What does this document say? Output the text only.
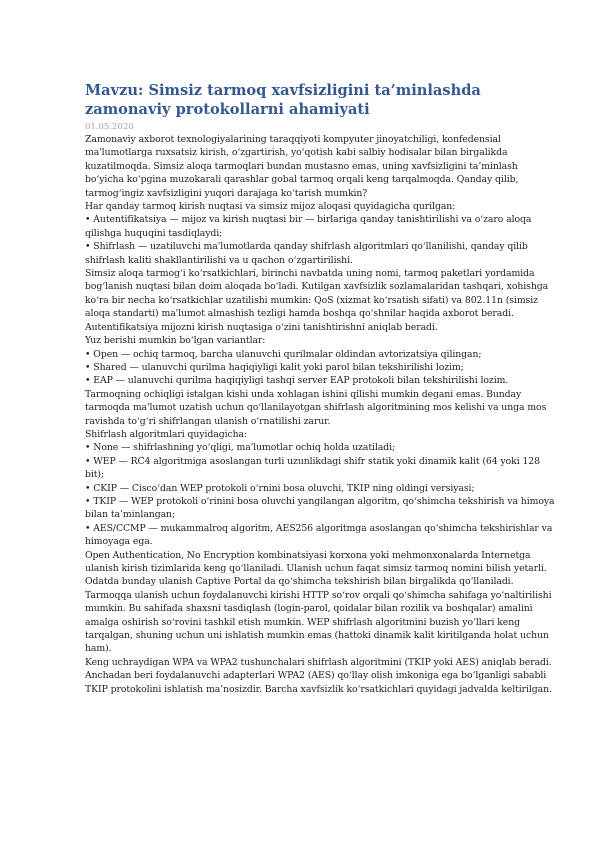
Mavzu: Simsiz tarmoq xavfsizligini ta’minlashda zamonaviy protokollarni ahamiyati
01.05.2020

Zamonaviy axborot texnologiyalarining taraqqiyoti kompyuter jinoyatchiligi, konfedensial ma'lumotlarga ruxsatsiz kirish, o‘zgartirish, yo‘qotish kabi salbiy hodisalar bilan birgalikda kuzatilmoqda. Simsiz aloqa tarmoqlari bundan mustasno emas, uning xavfsizligini ta’minlash bo‘yicha ko‘pgina muzokarali qarashlar gobal tarmoq orqali keng tarqalmoqda. Qanday qilib, tarmog‘ingiz xavfsizligini yuqori darajaga ko‘tarish mumkin?

Har qanday tarmoq kirish nuqtasi va simsiz mijoz aloqasi quyidagicha qurilgan:

• Autentifikatsiya — mijoz va kirish nuqtasi bir — birlariga qanday tanishtirilishi va o‘zaro aloqa qilishga huquqini tasdiqlaydi;

• Shifrlash — uzatiluvchi ma'lumotlarda qanday shifrlash algoritmlari qo‘llanilishi, qanday qilib shifrlash kaliti shakllantirilishi va u qachon o‘zgartirilishi.

Simsiz aloqa tarmog‘i ko‘rsatkichlari, birinchi navbatda uning nomi, tarmoq paketlari yordamida bog‘lanish nuqtasi bilan doim aloqada bo‘ladi. Kutilgan xavfsizlik sozlamalaridan tashqari, xohishga ko‘ra bir necha ko‘rsatkichlar uzatilishi mumkin: QoS (xizmat ko‘rsatish sifati) va 802.11n (simsiz aloqa standarti) ma'lumot almashish tezligi hamda boshqa qo‘shnilar haqida axborot beradi. Autentifikatsiya mijozni kirish nuqtasiga o‘zini tanishtirishni aniqlab beradi.

Yuz berishi mumkin bo‘lgan variantlar:

• Open — ochiq tarmoq, barcha ulanuvchi qurilmalar oldindan avtorizatsiya qilingan;

• Shared — ulanuvchi qurilma haqiqiyligi kalit yoki parol bilan tekshirilishi lozim;

• EAP — ulanuvchi qurilma haqiqiyligi tashqi server EAP protokoli bilan tekshirilishi lozim.

Tarmoqning ochiqligi istalgan kishi unda xohlagan ishini qilishi mumkin degani emas. Bunday tarmoqda ma'lumot uzatish uchun qo‘llanilayotgan shifrlash algoritmining mos kelishi va unga mos ravishda to‘g‘ri shifrlangan ulanish o‘rnatilishi zarur.

Shifrlash algoritmlari quyidagicha:

• None — shifrlashning yo‘qligi, ma'lumotlar ochiq holda uzatiladi;

• WEP — RC4 algoritmiga asoslangan turli uzunlikdagi shifr statik yoki dinamik kalit (64 yoki 128 bit);

• CKIP — Cisco‘dan WEP protokoli o‘rnini bosa oluvchi, TKIP ning oldingi versiyasi;

• TKIP — WEP protokoli o‘rinini bosa oluvchi yangilangan algoritm, qo‘shimcha tekshirish va himoya bilan ta’minlangan;

• AES/CCMP — mukammalroq algoritm, AES256 algoritmga asoslangan qo‘shimcha tekshirishlar va himoyaga ega.

Open Authentication, No Encryption kombinatsiyasi korxona yoki mehmonxonalarda Internetga ulanish kirish tizimlarida keng qo‘llaniladi. Ulanish uchun faqat simsiz tarmoq nomini bilish yetarli. Odatda bunday ulanish Captive Portal da qo‘shimcha tekshirish bilan birgalikda qo‘llaniladi. Tarmoqqa ulanish uchun foydalanuvchi kirishi HTTP so‘rov orqali qo‘shimcha sahifaga yo‘naltirilishi mumkin. Bu sahifada shaxsni tasdiqlash (login-parol, qoidalar bilan rozilik va boshqalar) amalini amalga oshirish so‘rovini tashkil etish mumkin. WEP shifrlash algoritmini buzish yo‘llari keng tarqalgan, shuning uchun uni ishlatish mumkin emas (hattoki dinamik kalit kiritilganda holat uchun ham).

Keng uchraydigan WPA va WPA2 tushunchalari shifrlash algoritmini (TKIP yoki AES) aniqlab beradi. Anchadan beri foydalanuvchi adapterlari WPA2 (AES) qo‘llay olish imkoniga ega bo‘lganligi sababli TKIP protokolini ishlatish ma’nosizdir. Barcha xavfsizlik ko‘rsatkichlari quyidagi jadvalda keltirilgan.
